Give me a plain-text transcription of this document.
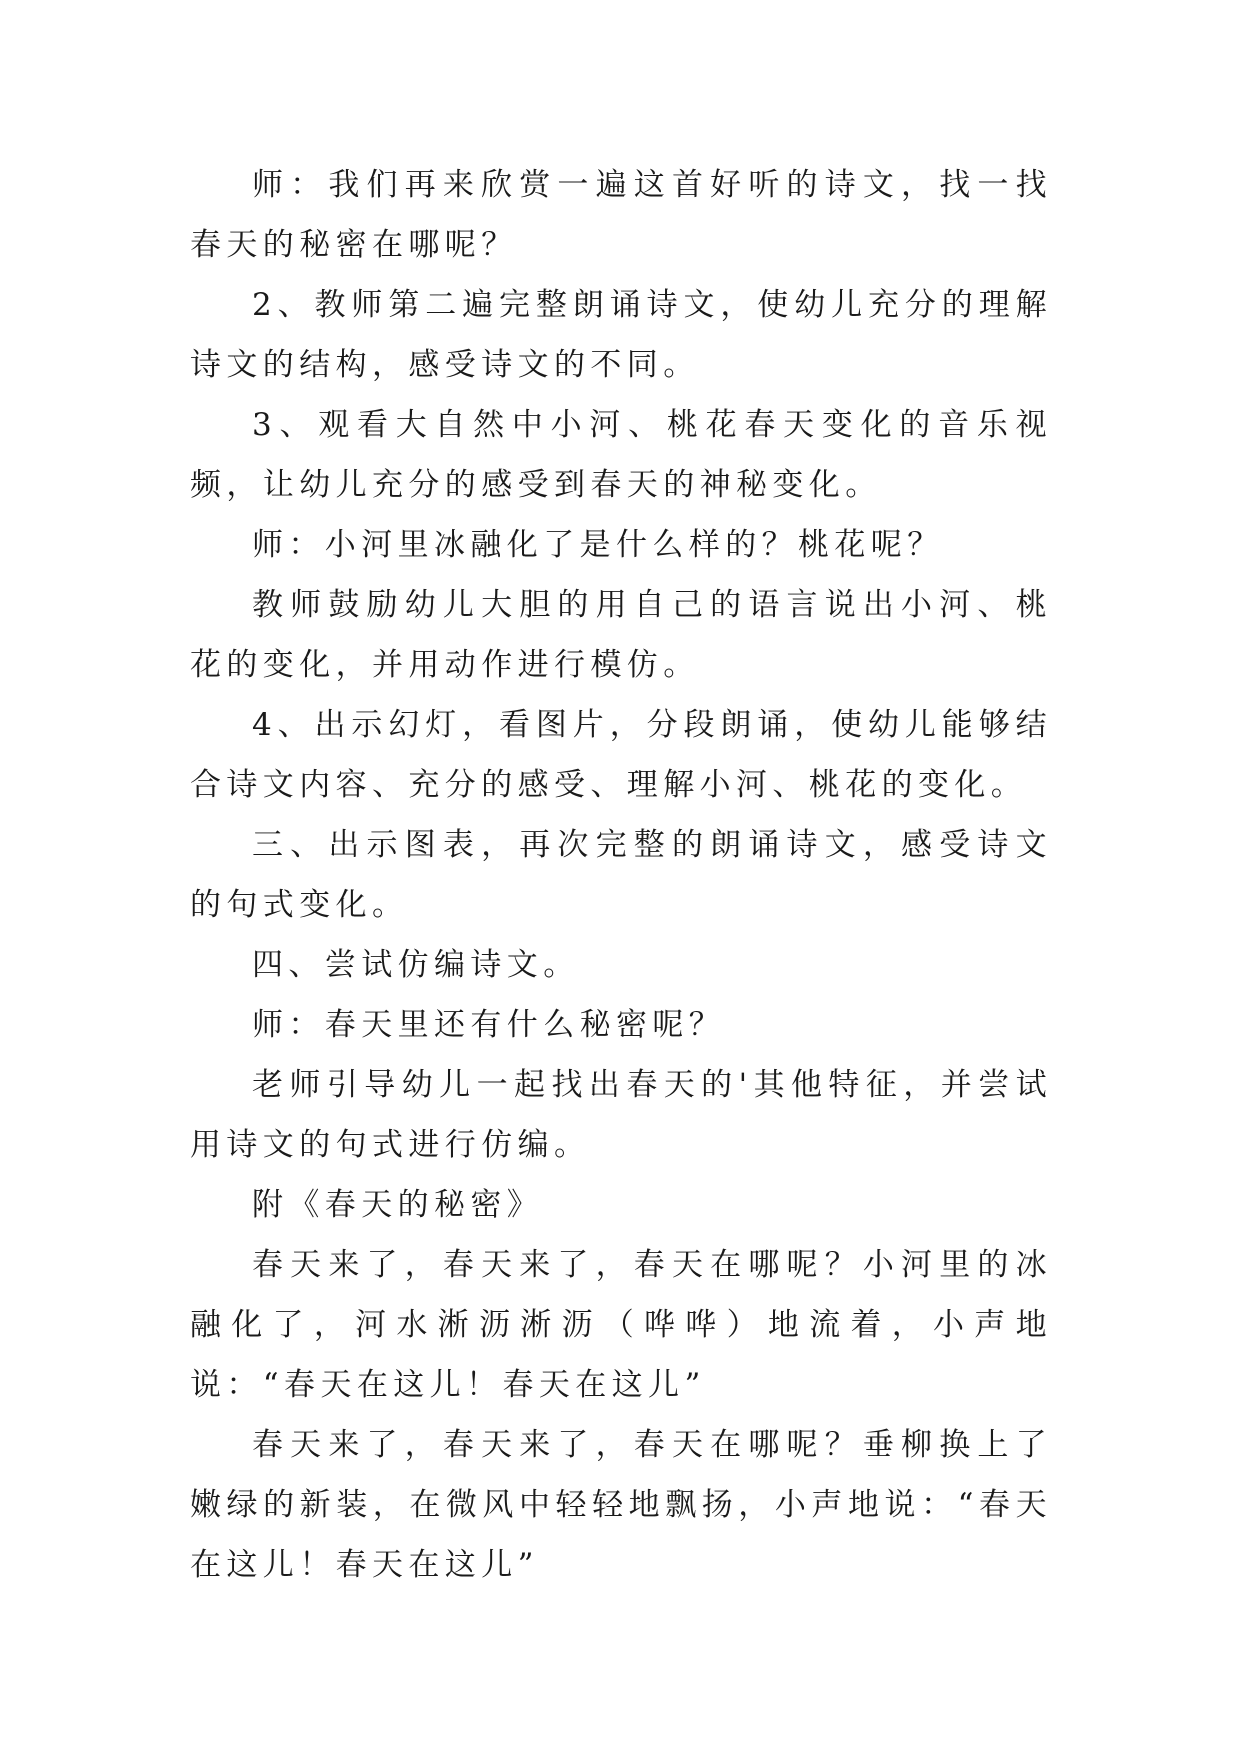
师：我们再来欣赏一遍这首好听的诗文，找一找春天的秘密在哪呢？

2、教师第二遍完整朗诵诗文，使幼儿充分的理解诗文的结构，感受诗文的不同。

3、观看大自然中小河、桃花春天变化的音乐视频，让幼儿充分的感受到春天的神秘变化。

师：小河里冰融化了是什么样的？桃花呢？

教师鼓励幼儿大胆的用自己的语言说出小河、桃花的变化，并用动作进行模仿。

4、出示幻灯，看图片，分段朗诵，使幼儿能够结合诗文内容、充分的感受、理解小河、桃花的变化。

三、出示图表，再次完整的朗诵诗文，感受诗文的句式变化。

四、尝试仿编诗文。

师：春天里还有什么秘密呢？

老师引导幼儿一起找出春天的'其他特征，并尝试用诗文的句式进行仿编。

附《春天的秘密》

春天来了，春天来了，春天在哪呢？小河里的冰融化了，河水淅沥淅沥（哗哗）地流着，小声地说：“春天在这儿！春天在这儿”

春天来了，春天来了，春天在哪呢？垂柳换上了嫩绿的新装，在微风中轻轻地飘扬，小声地说：“春天在这儿！春天在这儿”
